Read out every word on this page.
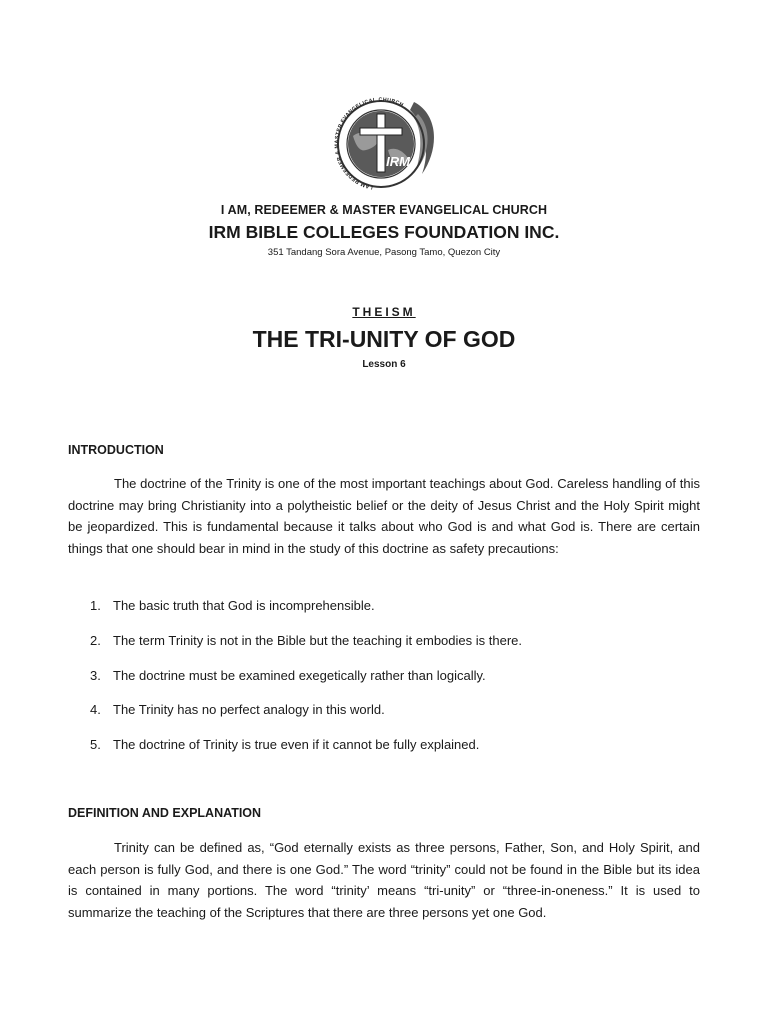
I AM REDEEMER & MASTER EVANGELICAL CHURCH
IRM
I AM, REDEEMER & MASTER EVANGELICAL CHURCH
IRM BIBLE COLLEGES FOUNDATION INC.
351 Tandang Sora Avenue, Pasong Tamo, Quezon City
THEISM
THE TRI-UNITY OF GOD
Lesson 6
INTRODUCTION

The doctrine of the Trinity is one of the most important teachings about God. Careless handling of this doctrine may bring Christianity into a polytheistic belief or the deity of Jesus Christ and the Holy Spirit might be jeopardized. This is fundamental because it talks about who God is and what God is. There are certain things that one should bear in mind in the study of this doctrine as safety precautions:

1. The basic truth that God is incomprehensible.
2. The term Trinity is not in the Bible but the teaching it embodies is there.
3. The doctrine must be examined exegetically rather than logically.
4. The Trinity has no perfect analogy in this world.
5. The doctrine of Trinity is true even if it cannot be fully explained.
DEFINITION AND EXPLANATION

Trinity can be defined as, “God eternally exists as three persons, Father, Son, and Holy Spirit, and each person is fully God, and there is one God.” The word “trinity” could not be found in the Bible but its idea is contained in many portions. The word “trinity’ means “tri-unity” or “three-in-oneness.” It is used to summarize the teaching of the Scriptures that there are three persons yet one God.
